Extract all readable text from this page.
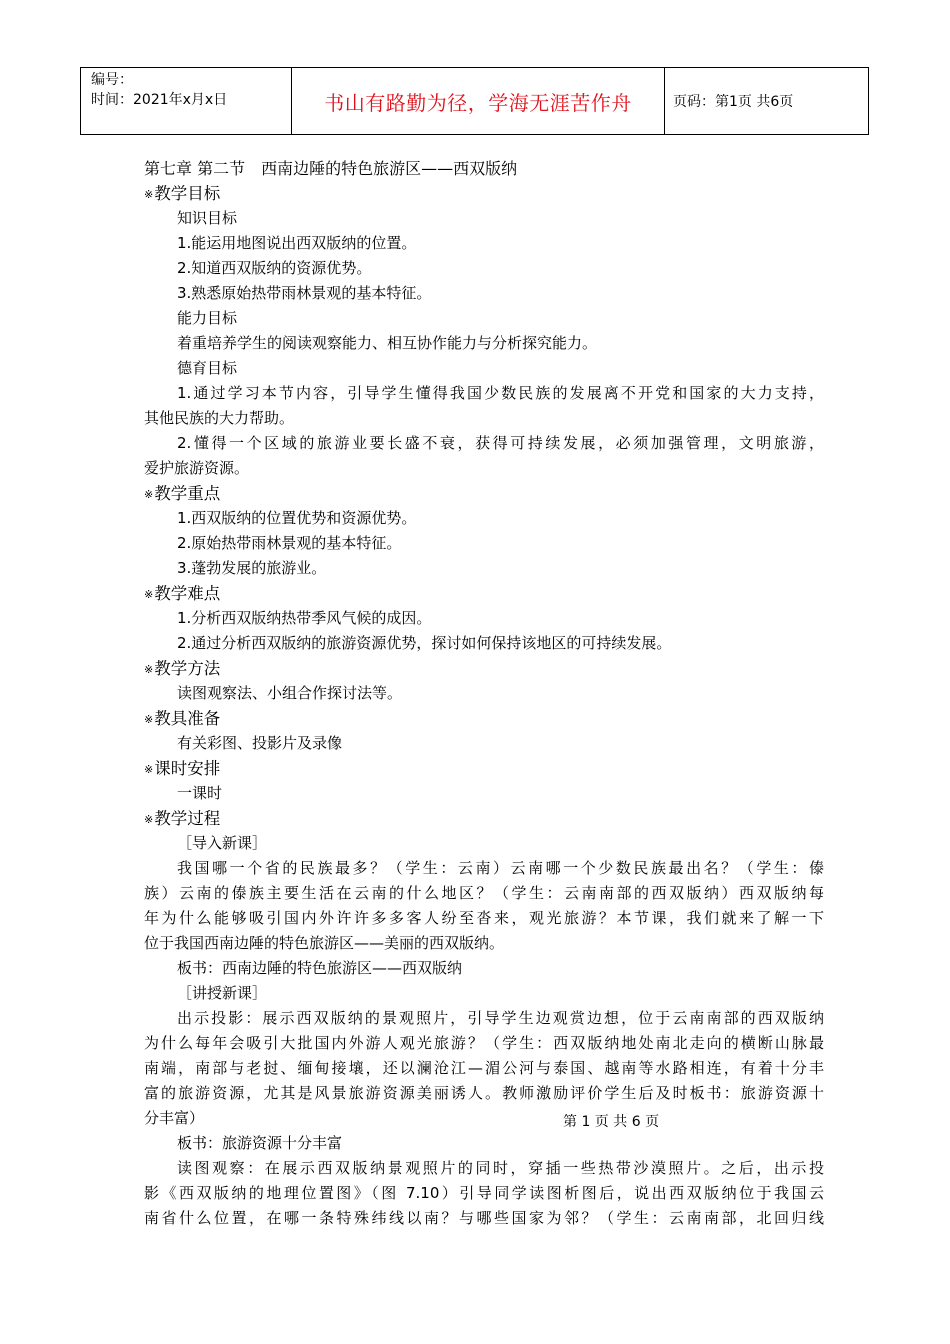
编号：
时间：2021年x月x日	书山有路勤为径，学海无涯苦作舟	页码：第1页 共6页
第七章 第二节　西南边陲的特色旅游区——西双版纳
※教学目标
知识目标
1.能运用地图说出西双版纳的位置。
2.知道西双版纳的资源优势。
3.熟悉原始热带雨林景观的基本特征。
能力目标
着重培养学生的阅读观察能力、相互协作能力与分析探究能力。
德育目标
1.通过学习本节内容，引导学生懂得我国少数民族的发展离不开党和国家的大力支持，
其他民族的大力帮助。
2.懂得一个区域的旅游业要长盛不衰，获得可持续发展，必须加强管理，文明旅游，
爱护旅游资源。
※教学重点
1.西双版纳的位置优势和资源优势。
2.原始热带雨林景观的基本特征。
3.蓬勃发展的旅游业。
※教学难点
1.分析西双版纳热带季风气候的成因。
2.通过分析西双版纳的旅游资源优势，探讨如何保持该地区的可持续发展。
※教学方法
读图观察法、小组合作探讨法等。
※教具准备
有关彩图、投影片及录像
※课时安排
一课时
※教学过程
［导入新课］
我国哪一个省的民族最多？（学生：云南）云南哪一个少数民族最出名？（学生：傣
族）云南的傣族主要生活在云南的什么地区？（学生：云南南部的西双版纳）西双版纳每
年为什么能够吸引国内外许许多多客人纷至沓来，观光旅游？本节课，我们就来了解一下
位于我国西南边陲的特色旅游区——美丽的西双版纳。
板书：西南边陲的特色旅游区——西双版纳
［讲授新课］
出示投影：展示西双版纳的景观照片，引导学生边观赏边想，位于云南南部的西双版纳
为什么每年会吸引大批国内外游人观光旅游？（学生：西双版纳地处南北走向的横断山脉最
南端，南部与老挝、缅甸接壤，还以澜沧江—湄公河与泰国、越南等水路相连，有着十分丰
富的旅游资源，尤其是风景旅游资源美丽诱人。教师激励评价学生后及时板书：旅游资源十
分丰富）
板书：旅游资源十分丰富
读图观察：在展示西双版纳景观照片的同时，穿插一些热带沙漠照片。之后，出示投
影《西双版纳的地理位置图》（图 7.10）引导同学读图析图后，说出西双版纳位于我国云
南省什么位置，在哪一条特殊纬线以南？与哪些国家为邻？（学生：云南南部，北回归线
第 1 页 共 6 页
